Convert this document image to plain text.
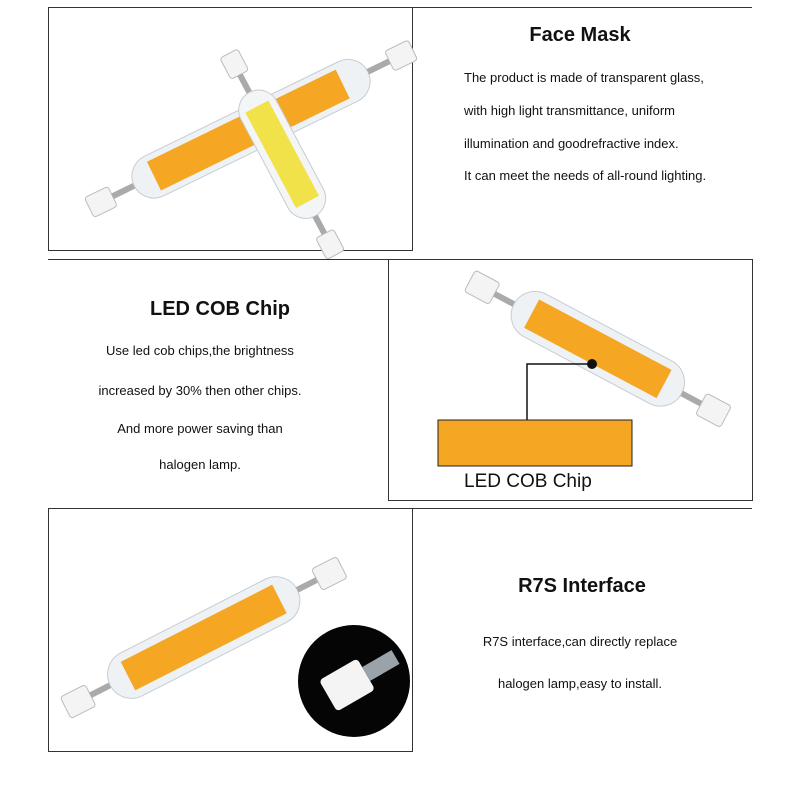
Face Mask
The product is made of transparent glass,
with high light transmittance, uniform
illumination and goodrefractive index.
It can meet the needs of all-round lighting.
LED COB Chip
Use led cob chips,the brightness
increased by 30% then other chips.
And more power saving than
halogen lamp.
LED COB Chip
R7S Interface
R7S interface,can directly replace
halogen lamp,easy to install.
